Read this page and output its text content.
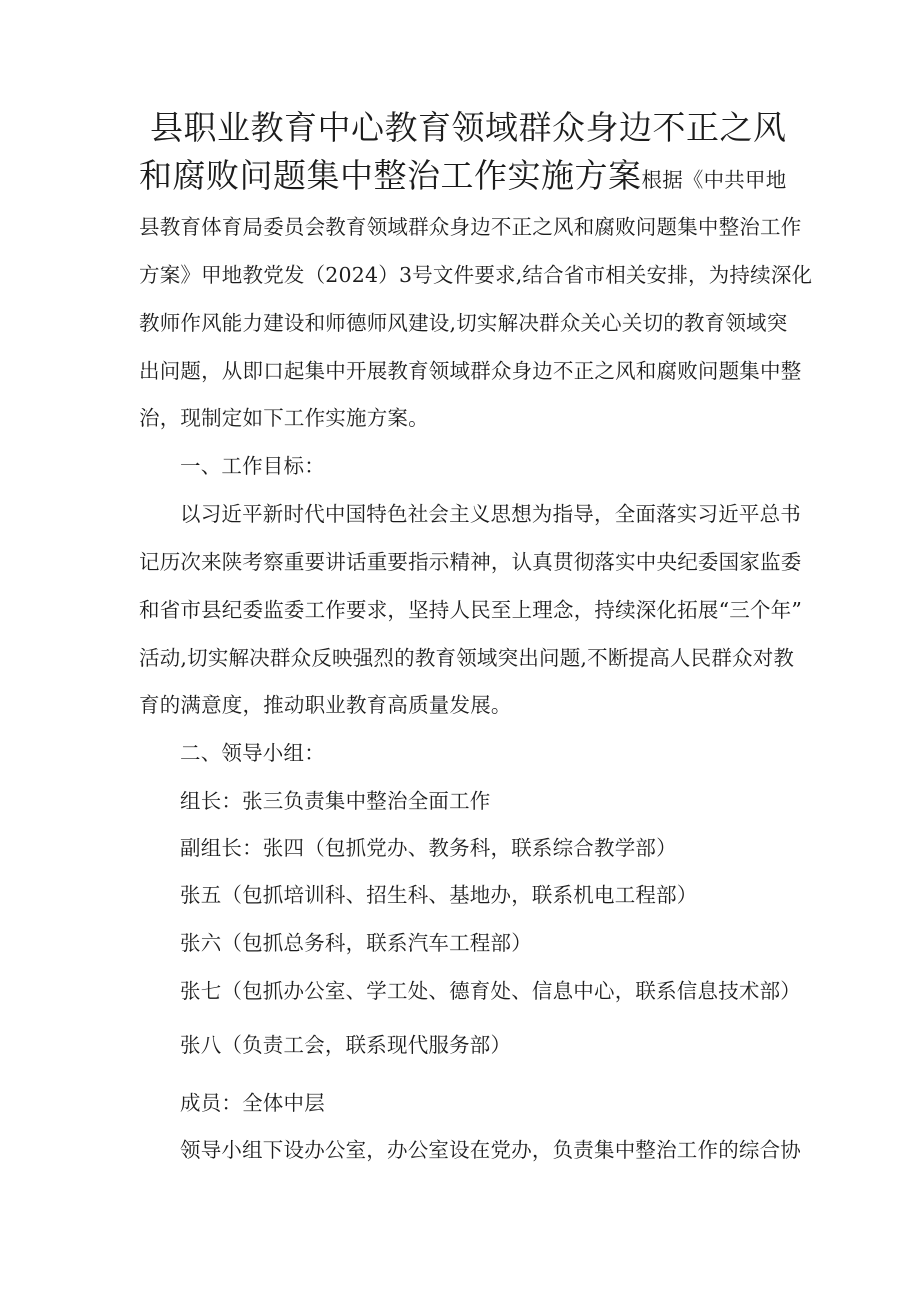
县职业教育中心教育领域群众身边不正之风
和腐败问题集中整治工作实施方案根据《中共甲地
县教育体育局委员会教育领域群众身边不正之风和腐败问题集中整治工作
方案》甲地教党发（2024）3号文件要求,结合省市相关安排，为持续深化
教师作风能力建设和师德师风建设,切实解决群众关心关切的教育领域突
出问题，从即口起集中开展教育领域群众身边不正之风和腐败问题集中整
治，现制定如下工作实施方案。
一、工作目标：
以习近平新时代中国特色社会主义思想为指导，全面落实习近平总书
记历次来陕考察重要讲话重要指示精神，认真贯彻落实中央纪委国家监委
和省市县纪委监委工作要求，坚持人民至上理念，持续深化拓展“三个年”
活动,切实解决群众反映强烈的教育领域突出问题,不断提高人民群众对教
育的满意度，推动职业教育高质量发展。
二、领导小组：
组长：张三负责集中整治全面工作
副组长：张四（包抓党办、教务科，联系综合教学部）
张五（包抓培训科、招生科、基地办，联系机电工程部）
张六（包抓总务科，联系汽车工程部）
张七（包抓办公室、学工处、德育处、信息中心，联系信息技术部）
张八（负责工会，联系现代服务部）
成员：全体中层
领导小组下设办公室，办公室设在党办，负责集中整治工作的综合协
